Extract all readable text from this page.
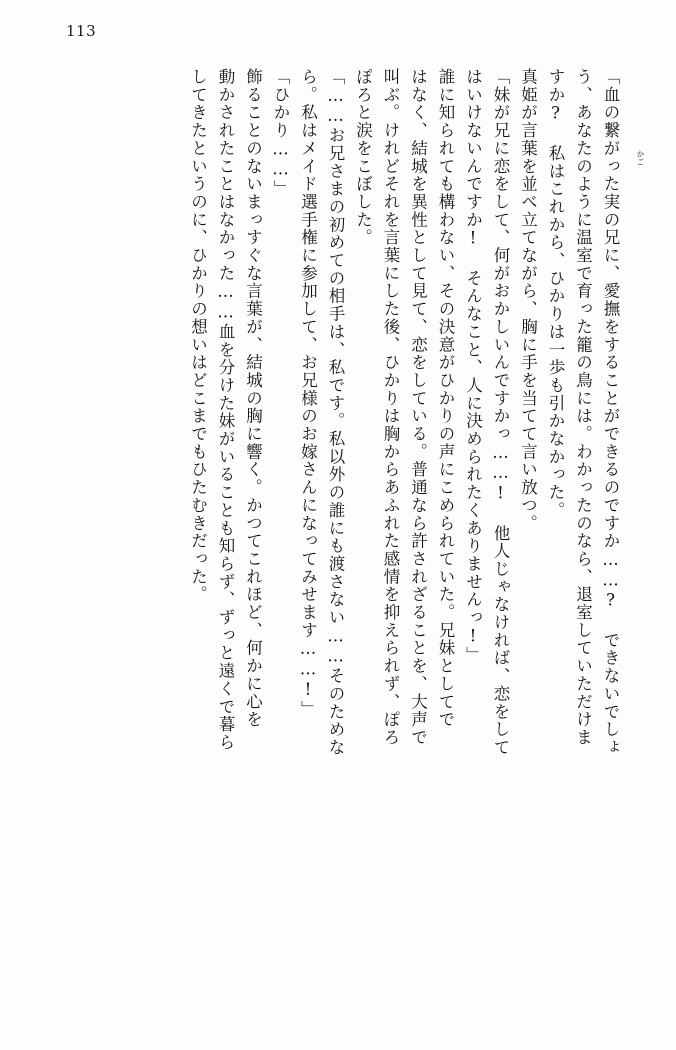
113
「血の繋がった実の兄に、愛撫をすることができるのですか……? できないでしょ
う、あなたのように温室で育った籠の鳥には。わかったのなら、退室していただけま
すか? 私はこれから、ひかりは一歩も引かなかった。
真姫が言葉を並べ立てながら、胸に手を当てて言い放つ。
「妹が兄に恋をして、何がおかしいんですかっ……! 他人じゃなければ、恋をして
はいけないんですか! そんなこと、人に決められたくありませんっ!」
誰に知られても構わない、その決意がひかりの声にこめられていた。兄妹としてで
はなく、結城を異性として見て、恋をしている。普通なら許されざることを、大声で
叫ぶ。けれどそれを言葉にした後、ひかりは胸からあふれた感情を抑えられず、ぽろ
ぽろと涙をこぼした。
「……お兄さまの初めての相手は、私です。私以外の誰にも渡さない……そのためな
ら。私はメイド選手権に参加して、お兄様のお嫁さんになってみせます……!」
「ひかり……」
飾ることのないまっすぐな言葉が、結城の胸に響く。かつてこれほど、何かに心を
動かされたことはなかった……血を分けた妹がいることも知らず、ずっと遠くで暮ら
してきたというのに、ひかりの想いはどこまでもひたむきだった。	かご
